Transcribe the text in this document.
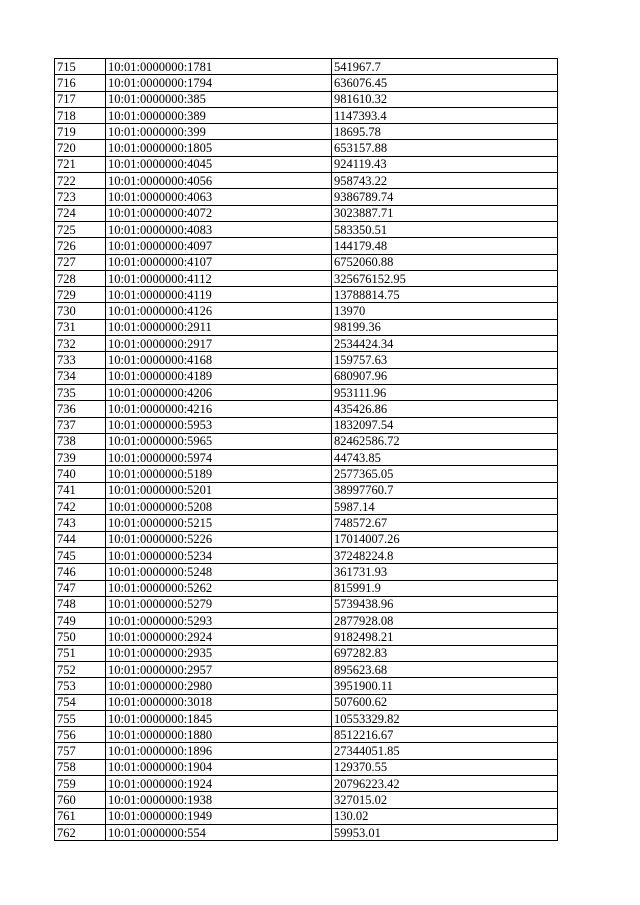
715	10:01:0000000:1781	541967.7
716	10:01:0000000:1794	636076.45
717	10:01:0000000:385	981610.32
718	10:01:0000000:389	1147393.4
719	10:01:0000000:399	18695.78
720	10:01:0000000:1805	653157.88
721	10:01:0000000:4045	924119.43
722	10:01:0000000:4056	958743.22
723	10:01:0000000:4063	9386789.74
724	10:01:0000000:4072	3023887.71
725	10:01:0000000:4083	583350.51
726	10:01:0000000:4097	144179.48
727	10:01:0000000:4107	6752060.88
728	10:01:0000000:4112	325676152.95
729	10:01:0000000:4119	13788814.75
730	10:01:0000000:4126	13970
731	10:01:0000000:2911	98199.36
732	10:01:0000000:2917	2534424.34
733	10:01:0000000:4168	159757.63
734	10:01:0000000:4189	680907.96
735	10:01:0000000:4206	953111.96
736	10:01:0000000:4216	435426.86
737	10:01:0000000:5953	1832097.54
738	10:01:0000000:5965	82462586.72
739	10:01:0000000:5974	44743.85
740	10:01:0000000:5189	2577365.05
741	10:01:0000000:5201	38997760.7
742	10:01:0000000:5208	5987.14
743	10:01:0000000:5215	748572.67
744	10:01:0000000:5226	17014007.26
745	10:01:0000000:5234	37248224.8
746	10:01:0000000:5248	361731.93
747	10:01:0000000:5262	815991.9
748	10:01:0000000:5279	5739438.96
749	10:01:0000000:5293	2877928.08
750	10:01:0000000:2924	9182498.21
751	10:01:0000000:2935	697282.83
752	10:01:0000000:2957	895623.68
753	10:01:0000000:2980	3951900.11
754	10:01:0000000:3018	507600.62
755	10:01:0000000:1845	10553329.82
756	10:01:0000000:1880	8512216.67
757	10:01:0000000:1896	27344051.85
758	10:01:0000000:1904	129370.55
759	10:01:0000000:1924	20796223.42
760	10:01:0000000:1938	327015.02
761	10:01:0000000:1949	130.02
762	10:01:0000000:554	59953.01
